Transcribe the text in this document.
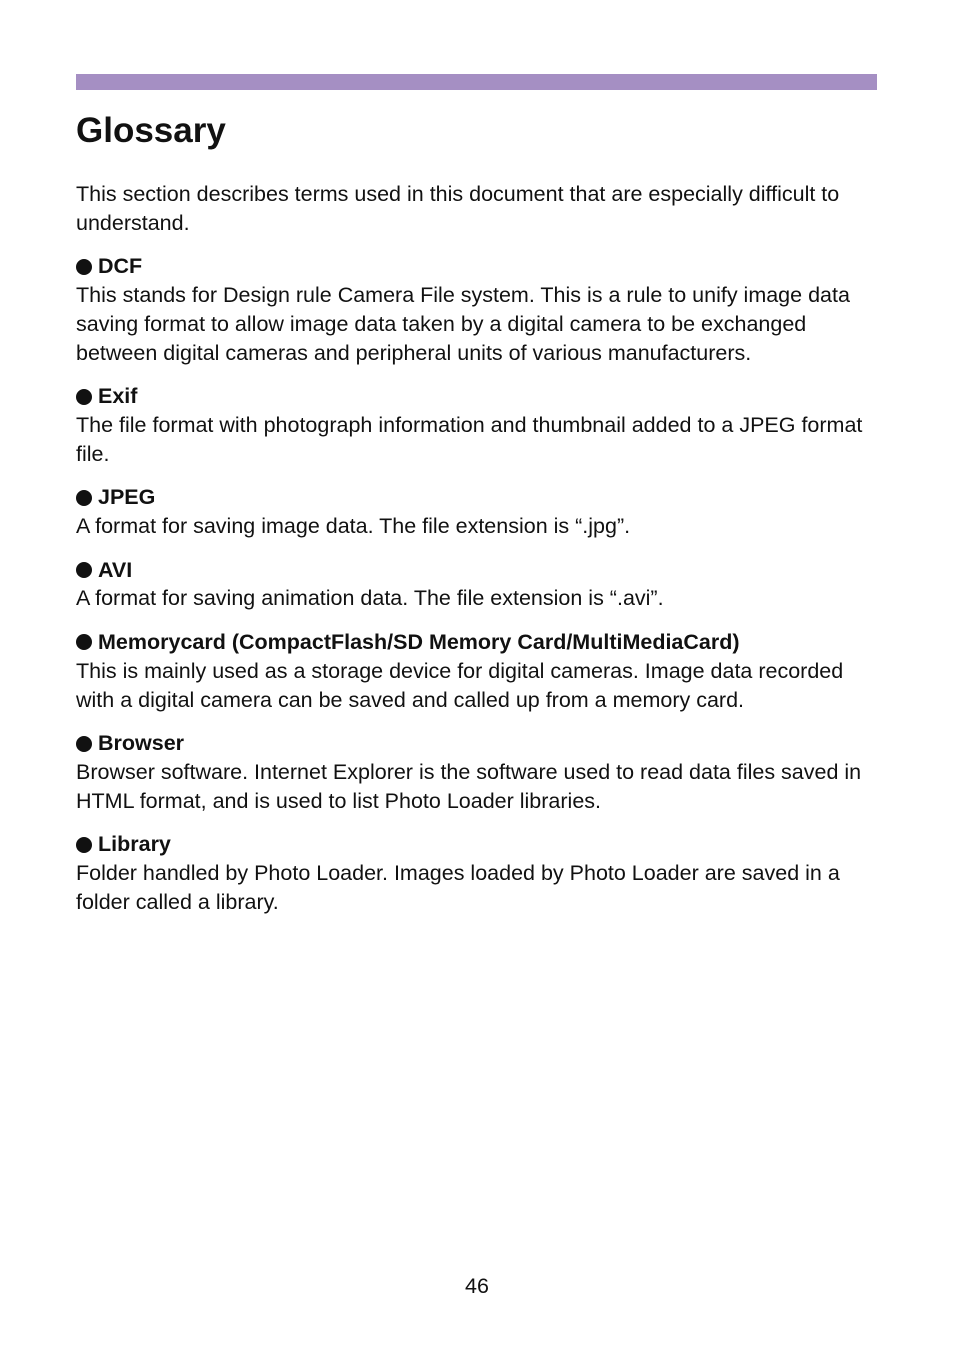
Glossary

This section describes terms used in this document that are especially difficult to understand.

DCF

This stands for Design rule Camera File system. This is a rule to unify image data saving format to allow image data taken by a digital camera to be exchanged between digital cameras and peripheral units of various manufacturers.

Exif

The file format with photograph information and thumbnail added to a JPEG format file.

JPEG

A format for saving image data. The file extension is “.jpg”.

AVI

A format for saving animation data. The file extension is “.avi”.

Memorycard (CompactFlash/SD Memory Card/MultiMediaCard)

This is mainly used as a storage device for digital cameras. Image data recorded with a digital camera can be saved and called up from a memory card.

Browser

Browser software. Internet Explorer is the software used to read data files saved in HTML format, and is used to list Photo Loader libraries.

Library

Folder handled by Photo Loader. Images loaded by Photo Loader are saved in a folder called a library.

46
